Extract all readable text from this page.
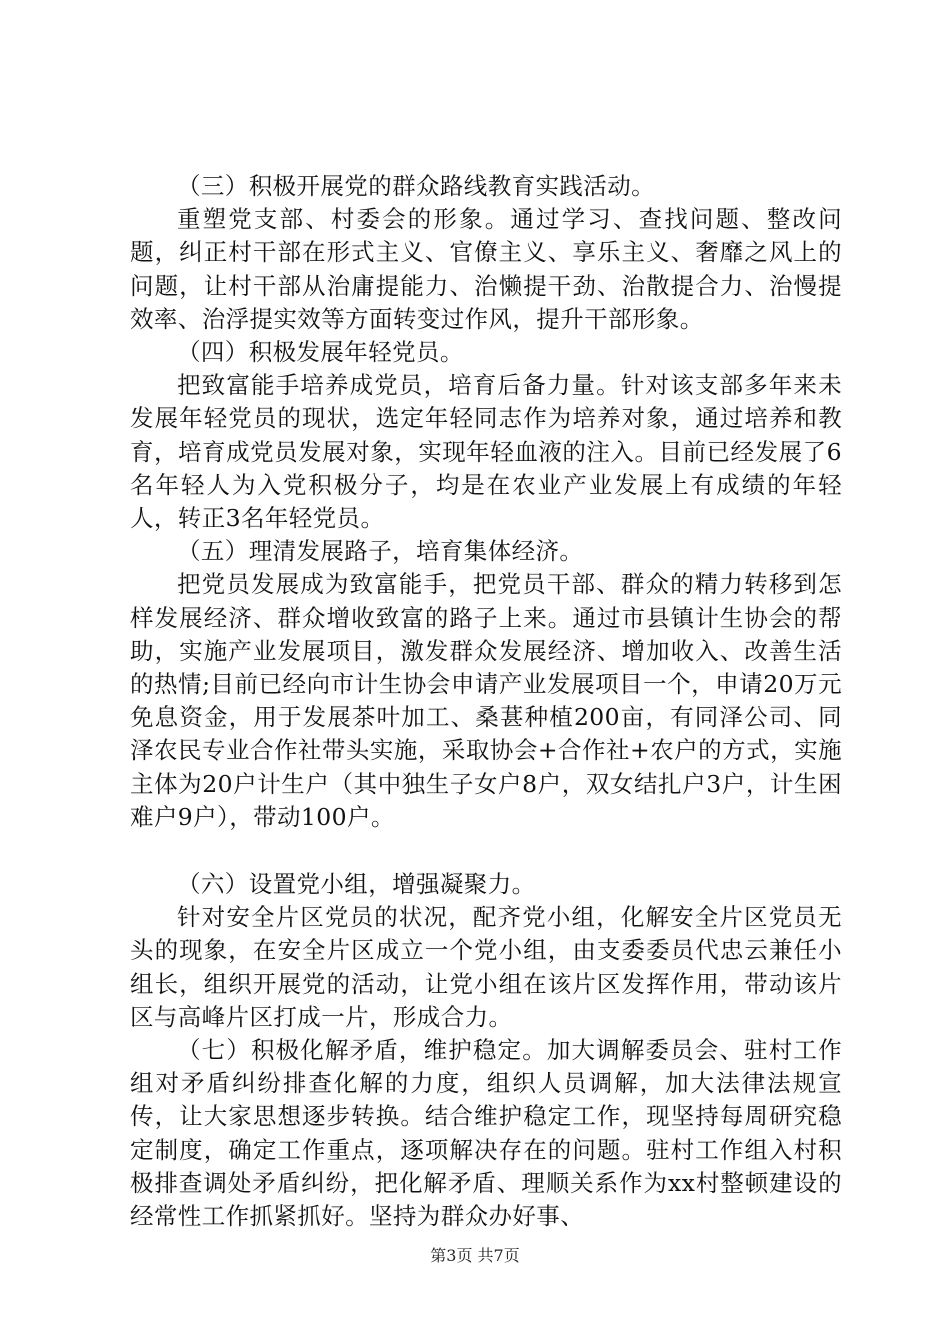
（三）积极开展党的群众路线教育实践活动。

重塑党支部、村委会的形象。通过学习、查找问题、整改问题，纠正村干部在形式主义、官僚主义、享乐主义、奢靡之风上的问题，让村干部从治庸提能力、治懒提干劲、治散提合力、治慢提效率、治浮提实效等方面转变过作风，提升干部形象。

（四）积极发展年轻党员。

把致富能手培养成党员，培育后备力量。针对该支部多年来未发展年轻党员的现状，选定年轻同志作为培养对象，通过培养和教育，培育成党员发展对象，实现年轻血液的注入。目前已经发展了6名年轻人为入党积极分子，均是在农业产业发展上有成绩的年轻人，转正3名年轻党员。

（五）理清发展路子，培育集体经济。

把党员发展成为致富能手，把党员干部、群众的精力转移到怎样发展经济、群众增收致富的路子上来。通过市县镇计生协会的帮助，实施产业发展项目，激发群众发展经济、增加收入、改善生活的热情;目前已经向市计生协会申请产业发展项目一个，申请20万元免息资金，用于发展茶叶加工、桑葚种植200亩，有同泽公司、同泽农民专业合作社带头实施，采取协会+合作社+农户的方式，实施主体为20户计生户（其中独生子女户8户，双女结扎户3户，计生困难户9户），带动100户。

（六）设置党小组，增强凝聚力。

针对安全片区党员的状况，配齐党小组，化解安全片区党员无头的现象，在安全片区成立一个党小组，由支委委员代忠云兼任小组长，组织开展党的活动，让党小组在该片区发挥作用，带动该片区与高峰片区打成一片，形成合力。

（七）积极化解矛盾，维护稳定。加大调解委员会、驻村工作组对矛盾纠纷排查化解的力度，组织人员调解，加大法律法规宣传，让大家思想逐步转换。结合维护稳定工作，现坚持每周研究稳定制度，确定工作重点，逐项解决存在的问题。驻村工作组入村积极排查调处矛盾纠纷，把化解矛盾、理顺关系作为xx村整顿建设的经常性工作抓紧抓好。坚持为群众办好事、

第3页 共7页
